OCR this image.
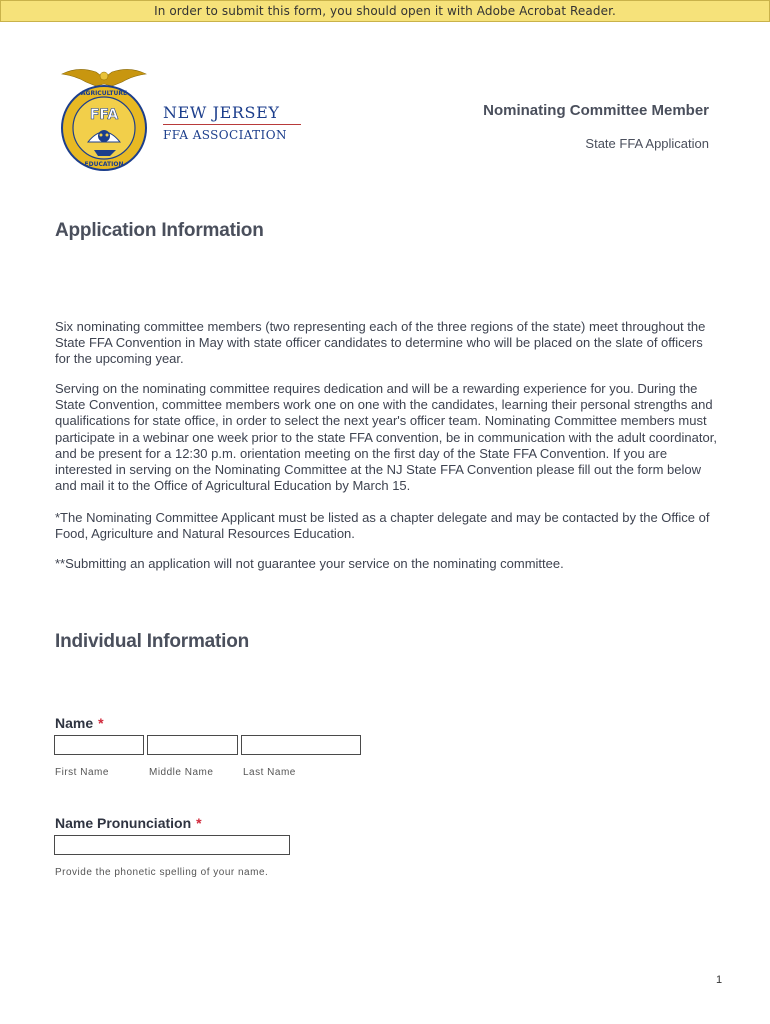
In order to submit this form, you should open it with Adobe Acrobat Reader.
AGRICULTURE
EDUCATION
FFA	NEW JERSEY
FFA ASSOCIATION
Nominating Committee Member
State FFA Application
Application Information

Six nominating committee members (two representing each of the three regions of the state) meet throughout the State FFA Convention in May with state officer candidates to determine who will be placed on the slate of officers for the upcoming year.

Serving on the nominating committee requires dedication and will be a rewarding experience for you. During the State Convention, committee members work one on one with the candidates, learning their personal strengths and qualifications for state office, in order to select the next year's officer team. Nominating Committee members must participate in a webinar one week prior to the state FFA convention, be in communication with the adult coordinator, and be present for a 12:30 p.m. orientation meeting on the first day of the State FFA Convention. If you are interested in serving on the Nominating Committee at the NJ State FFA Convention please fill out the form below and mail it to the Office of Agricultural Education by March 15.

*The Nominating Committee Applicant must be listed as a chapter delegate and may be contacted by the Office of Food, Agriculture and Natural Resources Education.

**Submitting an application will not guarantee your service on the nominating committee.

Individual Information
Name *
First Name	Middle Name	Last Name
Name Pronunciation *
Provide the phonetic spelling of your name.
1
